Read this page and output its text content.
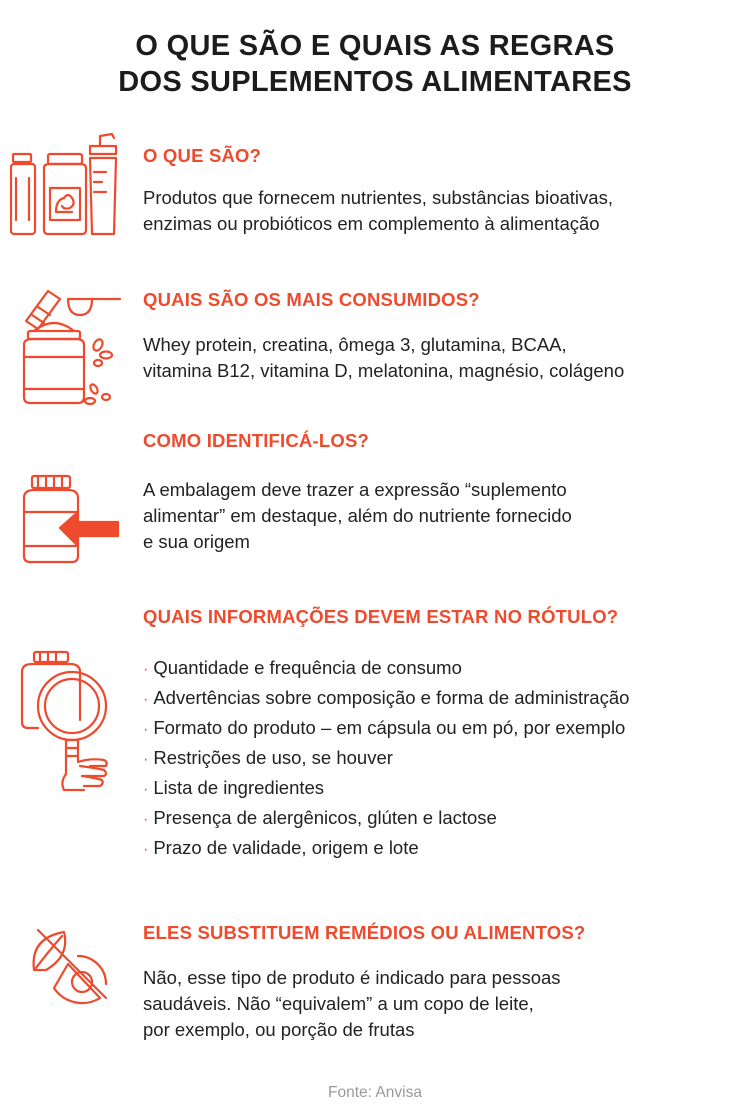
O QUE SÃO E QUAIS AS REGRAS
DOS SUPLEMENTOS ALIMENTARES
O QUE SÃO?
Produtos que fornecem nutrientes, substâncias bioativas,
enzimas ou probióticos em complemento à alimentação
QUAIS SÃO OS MAIS CONSUMIDOS?
Whey protein, creatina, ômega 3, glutamina, BCAA,
vitamina B12, vitamina D, melatonina, magnésio, colágeno
COMO IDENTIFICÁ-LOS?
A embalagem deve trazer a expressão “suplemento
alimentar” em destaque, além do nutriente fornecido
e sua origem
QUAIS INFORMAÇÕES DEVEM ESTAR NO RÓTULO?
· Quantidade e frequência de consumo
· Advertências sobre composição e forma de administração
· Formato do produto – em cápsula ou em pó, por exemplo
· Restrições de uso, se houver
· Lista de ingredientes
· Presença de alergênicos, glúten e lactose
· Prazo de validade, origem e lote
ELES SUBSTITUEM REMÉDIOS OU ALIMENTOS?
Não, esse tipo de produto é indicado para pessoas
saudáveis. Não “equivalem” a um copo de leite,
por exemplo, ou porção de frutas
Fonte: Anvisa
